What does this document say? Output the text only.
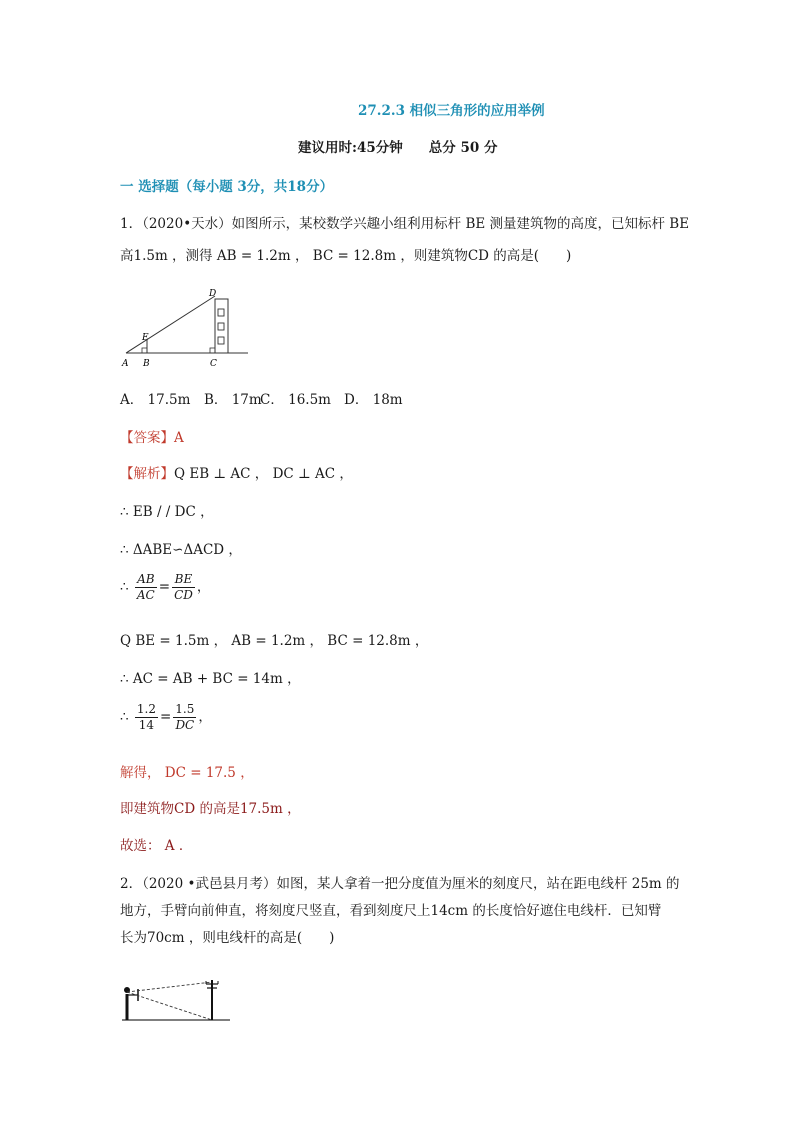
27.2.3 相似三角形的应用举例
建议用时:45分钟 总分 50 分
一 选择题（每小题 3分，共18分）
1．（2020•天水）如图所示，某校数学兴趣小组利用标杆 BE 测量建筑物的高度，已知标杆 BE
高1.5m ，测得 AB = 1.2m ， BC = 12.8m ，则建筑物CD 的高是(　　)
D
E
A B	C
A． 17.5m B． 17mC． 16.5m D． 18m
【答案】A
【解析】Q EB ⊥ AC ， DC ⊥ AC ，
∴ EB / / DC ，
∴ ΔABE∽ΔACD ，
∴ $\frac{AB}{AC} = \frac{BE}{CD}$ ，
Q BE = 1.5m ， AB = 1.2m ， BC = 12.8m ，
∴ AC = AB + BC = 14m ，
∴ $\frac{1.2}{14} = \frac{1.5}{DC}$ ，
解得， DC = 17.5 ，
即建筑物CD 的高是17.5m ，
故选： A ．
2．（2020 •武邑县月考）如图，某人拿着一把分度值为厘米的刻度尺，站在距电线杆 25m 的
地方，手臂向前伸直，将刻度尺竖直，看到刻度尺上14cm 的长度恰好遮住电线杆．已知臂
长为70cm ，则电线杆的高是(　　)
